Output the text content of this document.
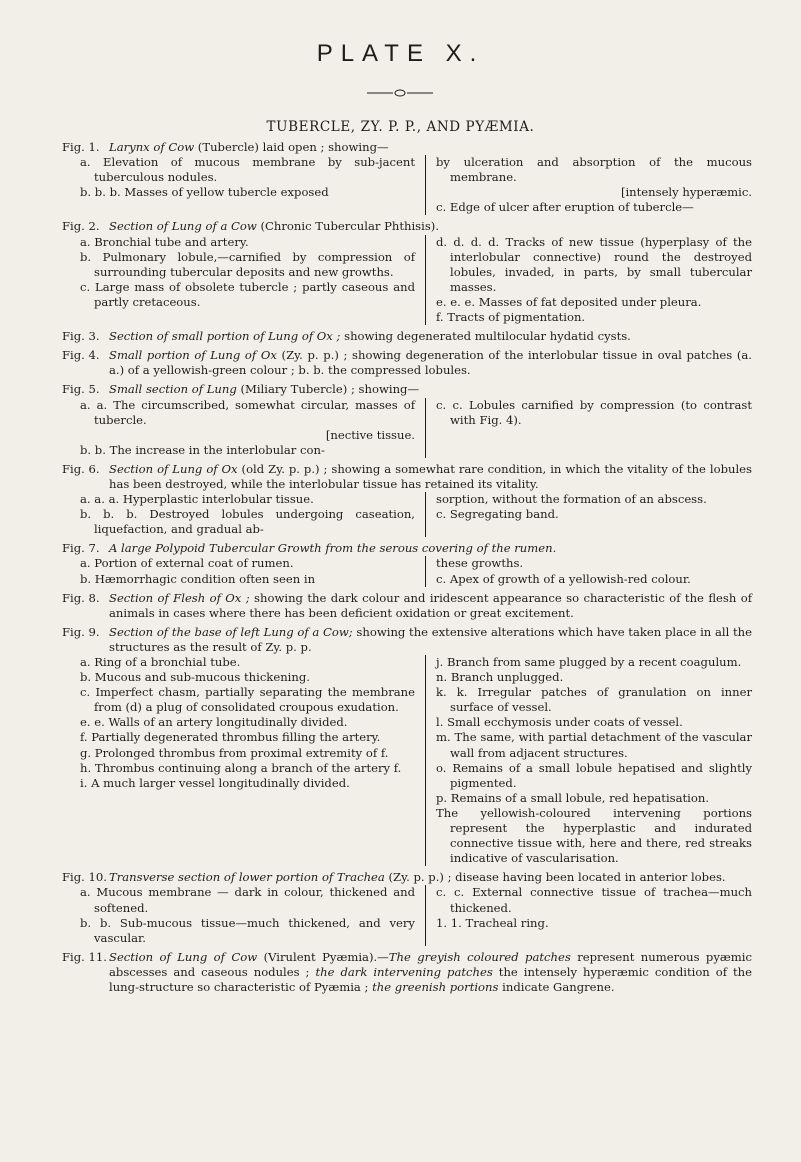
PLATE X.
TUBERCLE, ZY. P. P., AND PYÆMIA.
Fig. 1. Larynx of Cow (Tubercle) laid open ; showing—
a. Elevation of mucous membrane by sub-jacent tuberculous nodules.
b. b. b. Masses of yellow tubercle exposed
by ulceration and absorption of the mucous membrane.
[intensely hyperæmic.
c. Edge of ulcer after eruption of tubercle—
Fig. 2. Section of Lung of a Cow (Chronic Tubercular Phthisis).
a. Bronchial tube and artery.
b. Pulmonary lobule,—carnified by compression of surrounding tubercular deposits and new growths.
c. Large mass of obsolete tubercle ; partly caseous and partly cretaceous.
d. d. d. d. Tracks of new tissue (hyperplasy of the interlobular connective) round the destroyed lobules, invaded, in parts, by small tubercular masses.
e. e. e. Masses of fat deposited under pleura.
f. Tracts of pigmentation.
Fig. 3. Section of small portion of Lung of Ox ; showing degenerated multilocular hydatid cysts.
Fig. 4. Small portion of Lung of Ox (Zy. p. p.) ; showing degeneration of the interlobular tissue in oval patches (a. a.) of a yellowish-green colour ; b. b. the compressed lobules.
Fig. 5. Small section of Lung (Miliary Tubercle) ; showing—
a. a. The circumscribed, somewhat circular, masses of tubercle.
[nective tissue.
b. b. The increase in the interlobular con-
c. c. Lobules carnified by compression (to contrast with Fig. 4).
Fig. 6. Section of Lung of Ox (old Zy. p. p.) ; showing a somewhat rare condition, in which the vitality of the lobules has been destroyed, while the interlobular tissue has retained its vitality.
a. a. a. Hyperplastic interlobular tissue.
b. b. b. Destroyed lobules undergoing caseation, liquefaction, and gradual ab-
sorption, without the formation of an abscess.
c. Segregating band.
Fig. 7. A large Polypoid Tubercular Growth from the serous covering of the rumen.
a. Portion of external coat of rumen.
b. Hæmorrhagic condition often seen in
these growths.
c. Apex of growth of a yellowish-red colour.
Fig. 8. Section of Flesh of Ox ; showing the dark colour and iridescent appearance so characteristic of the flesh of animals in cases where there has been deficient oxidation or great excitement.
Fig. 9. Section of the base of left Lung of a Cow; showing the extensive alterations which have taken place in all the structures as the result of Zy. p. p.
a. Ring of a bronchial tube.
b. Mucous and sub-mucous thickening.
c. Imperfect chasm, partially separating the membrane from (d) a plug of consolidated croupous exudation.
e. e. Walls of an artery longitudinally divided.
f. Partially degenerated thrombus filling the artery.
g. Prolonged thrombus from proximal extremity of f.
h. Thrombus continuing along a branch of the artery f.
i. A much larger vessel longitudinally divided.
j. Branch from same plugged by a recent coagulum.
n. Branch unplugged.
k. k. Irregular patches of granulation on inner surface of vessel.
l. Small ecchymosis under coats of vessel.
m. The same, with partial detachment of the vascular wall from adjacent structures.
o. Remains of a small lobule hepatised and slightly pigmented.
p. Remains of a small lobule, red hepatisation.
The yellowish-coloured intervening portions represent the hyperplastic and indurated connective tissue with, here and there, red streaks indicative of vascularisation.
Fig. 10. Transverse section of lower portion of Trachea (Zy. p. p.) ; disease having been located in anterior lobes.
a. Mucous membrane — dark in colour, thickened and softened.
b. b. Sub-mucous tissue—much thickened, and very vascular.
c. c. External connective tissue of trachea—much thickened.
1. 1. Tracheal ring.
Fig. 11. Section of Lung of Cow (Virulent Pyæmia).—The greyish coloured patches represent numerous pyæmic abscesses and caseous nodules ; the dark intervening patches the intensely hyperæmic condition of the lung-structure so characteristic of Pyæmia ; the greenish portions indicate Gangrene.
